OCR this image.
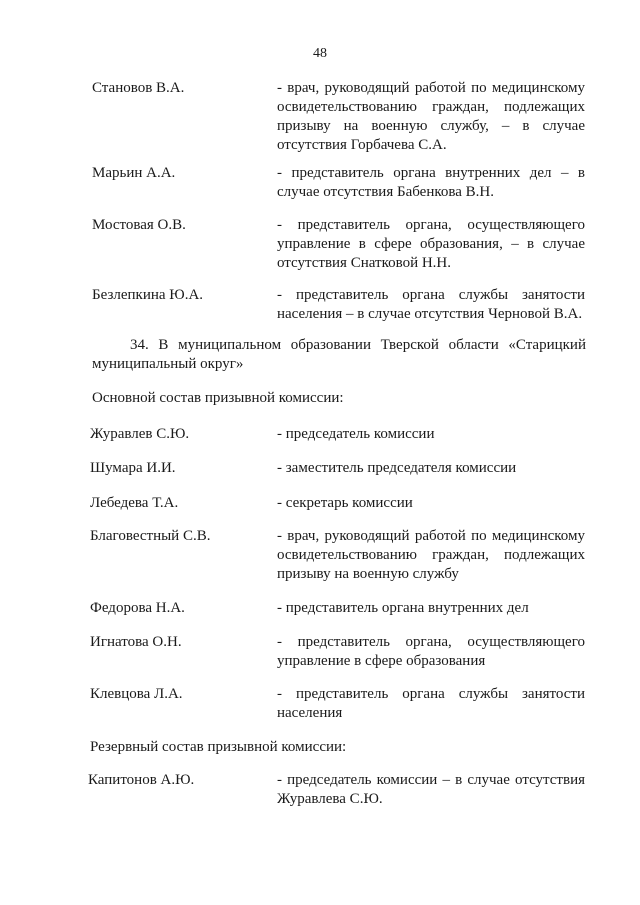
48
Становов В.А.	- врач, руководящий работой по медицинскому освидетельствованию граждан, подлежащих призыву на военную службу, – в случае отсутствия Горбачева С.А.
Марьин А.А.	- представитель органа внутренних дел – в случае отсутствия Бабенкова В.Н.
Мостовая О.В.	- представитель органа, осуществляющего управление в сфере образования, – в случае отсутствия Снатковой Н.Н.
Безлепкина Ю.А.	- представитель органа службы занятости населения – в случае отсутствия Черновой В.А.
34. В муниципальном образовании Тверской области «Старицкий муниципальный округ»
Основной состав призывной комиссии:
Журавлев С.Ю.	- председатель комиссии
Шумара И.И.	- заместитель председателя комиссии
Лебедева Т.А.	- секретарь комиссии
Благовестный С.В.	- врач, руководящий работой по медицинскому освидетельствованию граждан, подлежащих призыву на военную службу
Федорова Н.А.	- представитель органа внутренних дел
Игнатова О.Н.	- представитель органа, осуществляющего управление в сфере образования
Клевцова Л.А.	- представитель органа службы занятости населения
Резервный состав призывной комиссии:
Капитонов А.Ю.	- председатель комиссии – в случае отсутствия Журавлева С.Ю.
